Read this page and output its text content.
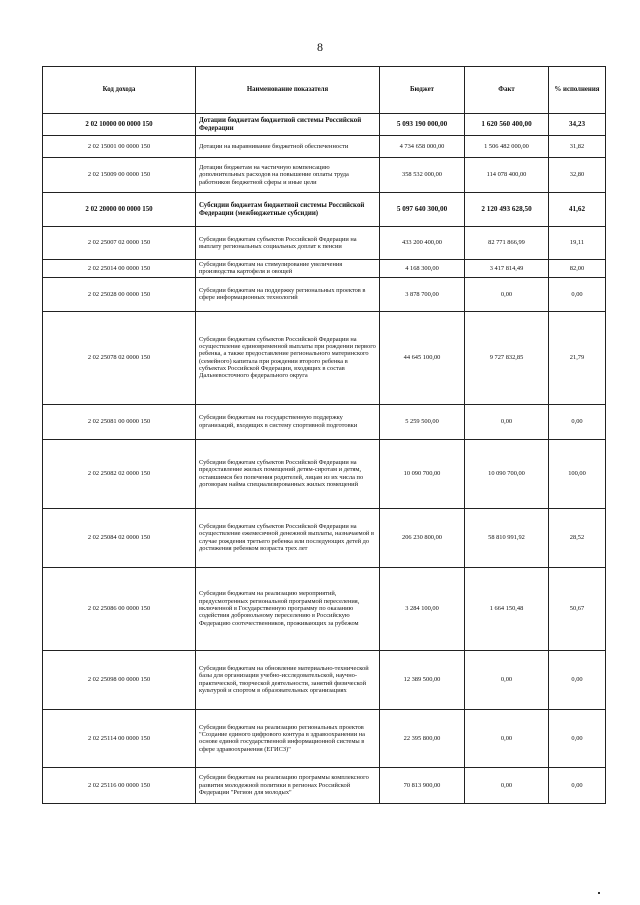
8
Код дохода	Наименование показателя	Бюджет	Факт	% исполнения
2 02 10000 00 0000 150	Дотации бюджетам бюджетной системы Российской Федерации	5 093 190 000,00	1 620 560 400,00	34,23
2 02 15001 00 0000 150	Дотации на выравнивание бюджетной обеспеченности	4 734 658 000,00	1 506 482 000,00	31,82
2 02 15009 00 0000 150	Дотации бюджетам на частичную компенсацию дополнительных расходов на повышение оплаты труда работников бюджетной сферы и иные цели	358 532 000,00	114 078 400,00	32,80
2 02 20000 00 0000 150	Субсидии бюджетам бюджетной системы Российской Федерации (межбюджетные субсидии)	5 097 640 300,00	2 120 493 628,50	41,62
2 02 25007 02 0000 150	Субсидии бюджетам субъектов Российской Федерации на выплату региональных социальных доплат к пенсии	433 200 400,00	82 771 866,99	19,11
2 02 25014 00 0000 150	Субсидии бюджетам на стимулирование увеличения производства картофеля и овощей	4 168 300,00	3 417 814,49	82,00
2 02 25028 00 0000 150	Субсидии бюджетам на поддержку региональных проектов в сфере информационных технологий	3 878 700,00	0,00	0,00
2 02 25078 02 0000 150	Субсидии бюджетам субъектов Российской Федерации на осуществление единовременной выплаты при рождении первого ребенка, а также предоставление регионального материнского (семейного) капитала при рождении второго ребенка в субъектах Российской Федерации, входящих в состав Дальневосточного федерального округа	44 645 100,00	9 727 832,85	21,79
2 02 25081 00 0000 150	Субсидии бюджетам на государственную поддержку организаций, входящих в систему спортивной подготовки	5 259 500,00	0,00	0,00
2 02 25082 02 0000 150	Субсидии бюджетам субъектов Российской Федерации на предоставление жилых помещений детям-сиротам и детям, оставшимся без попечения родителей, лицам из их числа по договорам найма специализированных жилых помещений	10 090 700,00	10 090 700,00	100,00
2 02 25084 02 0000 150	Субсидии бюджетам субъектов Российской Федерации на осуществление ежемесячной денежной выплаты, назначаемой в случае рождения третьего ребенка или последующих детей до достижения ребенком возраста трех лет	206 230 800,00	58 810 991,92	28,52
2 02 25086 00 0000 150	Субсидии бюджетам на реализацию мероприятий, предусмотренных региональной программой переселения, включенной в Государственную программу по оказанию содействия добровольному переселению в Российскую Федерацию соотечественников, проживающих за рубежом	3 284 100,00	1 664 150,48	50,67
2 02 25098 00 0000 150	Субсидии бюджетам на обновление материально-технической базы для организации учебно-исследовательской, научно-практической, творческой деятельности, занятий физической культурой и спортом в образовательных организациях	12 389 500,00	0,00	0,00
2 02 25114 00 0000 150	Субсидии бюджетам на реализацию региональных проектов "Создание единого цифрового контура в здравоохранении на основе единой государственной информационной системы в сфере здравоохранения (ЕГИСЗ)"	22 395 800,00	0,00	0,00
2 02 25116 00 0000 150	Субсидии бюджетам на реализацию программы комплексного развития молодежной политики в регионах Российской Федерации "Регион для молодых"	70 813 900,00	0,00	0,00
